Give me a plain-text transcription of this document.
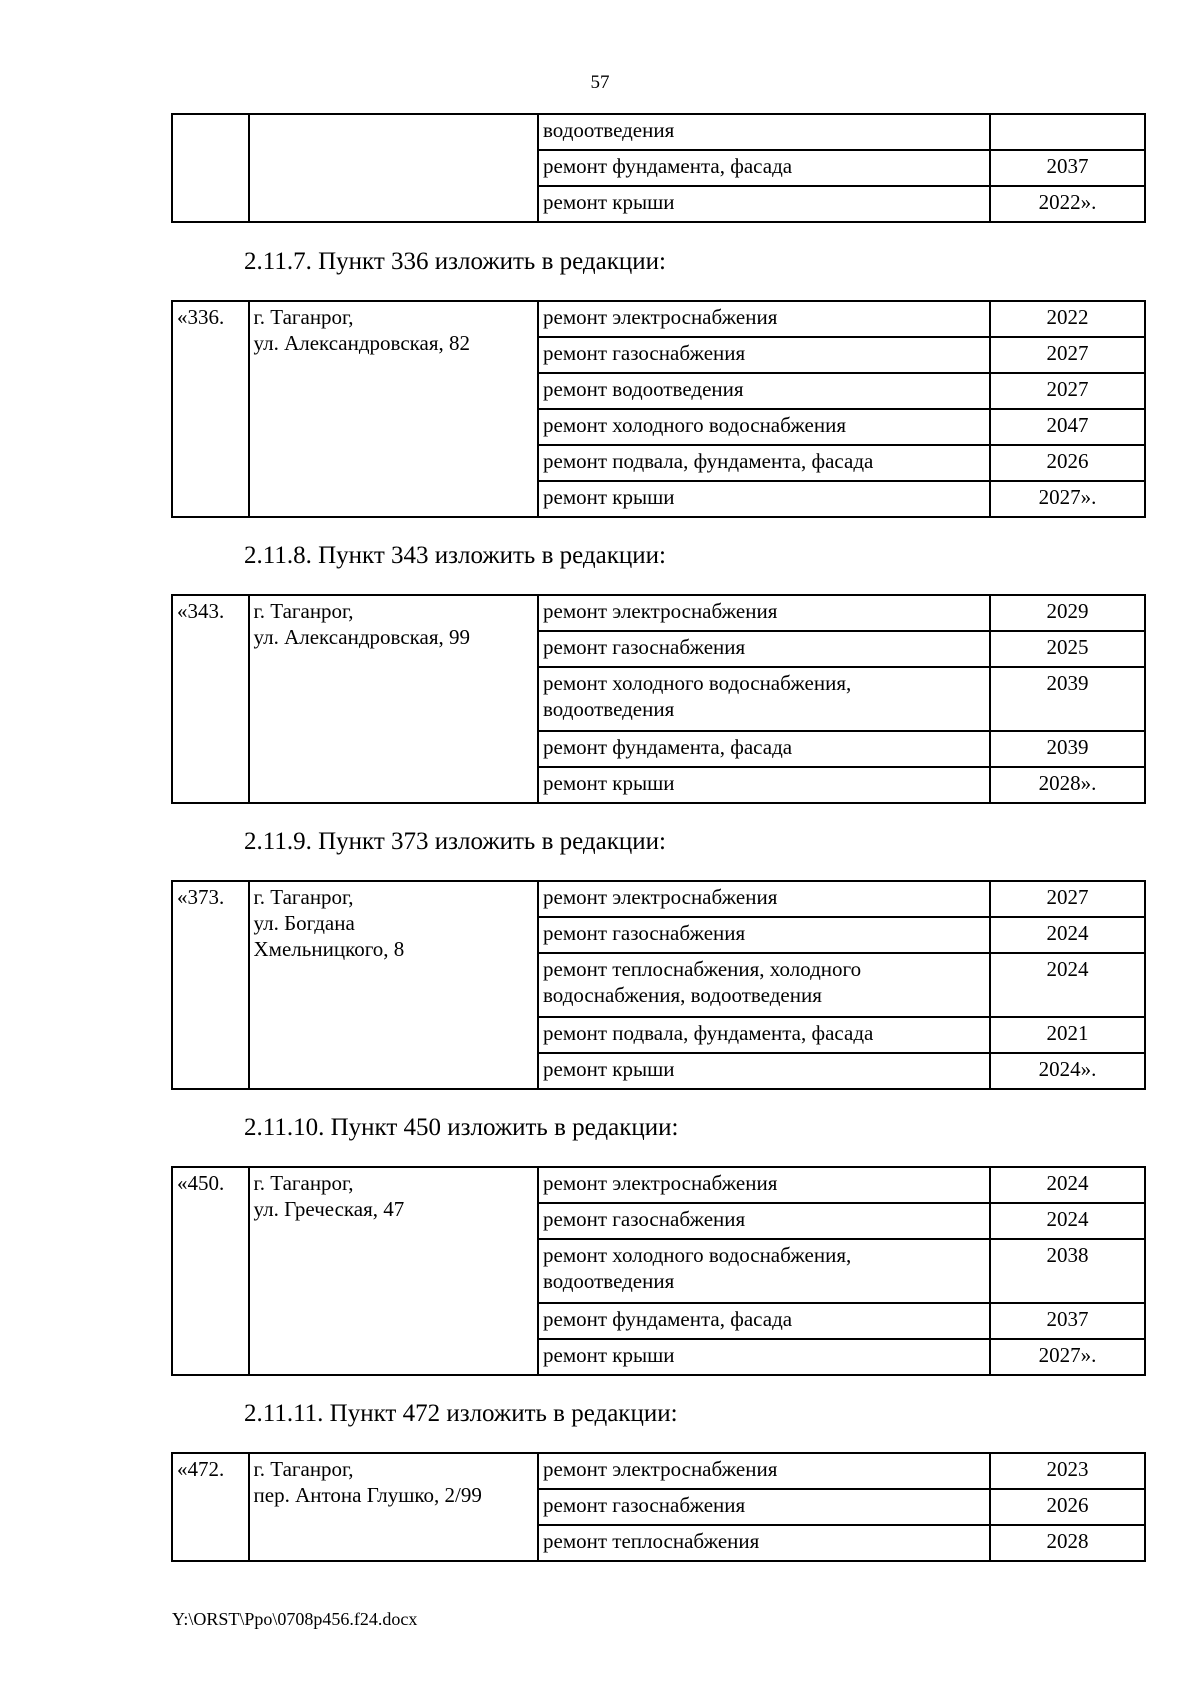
57
		водоотведения	
		ремонт фундамента, фасада	2037
		ремонт крыши	2022».
2.11.7. Пункт 336 изложить в редакции:
«336.	г. Таганрог,
ул. Александровская, 82	ремонт электроснабжения	2022
		ремонт газоснабжения	2027
		ремонт водоотведения	2027
		ремонт холодного водоснабжения	2047
		ремонт подвала, фундамента, фасада	2026
		ремонт крыши	2027».
2.11.8. Пункт 343 изложить в редакции:
«343.	г. Таганрог,
ул. Александровская, 99	ремонт электроснабжения	2029
		ремонт газоснабжения	2025
		ремонт холодного водоснабжения, водоотведения	2039
		ремонт фундамента, фасада	2039
		ремонт крыши	2028».
2.11.9. Пункт 373 изложить в редакции:
«373.	г. Таганрог,
ул. Богдана
Хмельницкого, 8	ремонт электроснабжения	2027
		ремонт газоснабжения	2024
		ремонт теплоснабжения, холодного водоснабжения, водоотведения	2024
		ремонт подвала, фундамента, фасада	2021
		ремонт крыши	2024».
2.11.10. Пункт 450 изложить в редакции:
«450.	г. Таганрог,
ул. Греческая, 47	ремонт электроснабжения	2024
		ремонт газоснабжения	2024
		ремонт холодного водоснабжения, водоотведения	2038
		ремонт фундамента, фасада	2037
		ремонт крыши	2027».
2.11.11. Пункт 472 изложить в редакции:
«472.	г. Таганрог,
пер. Антона Глушко, 2/99	ремонт электроснабжения	2023
		ремонт газоснабжения	2026
		ремонт теплоснабжения	2028
Y:\ORST\Ppo\0708p456.f24.docx
